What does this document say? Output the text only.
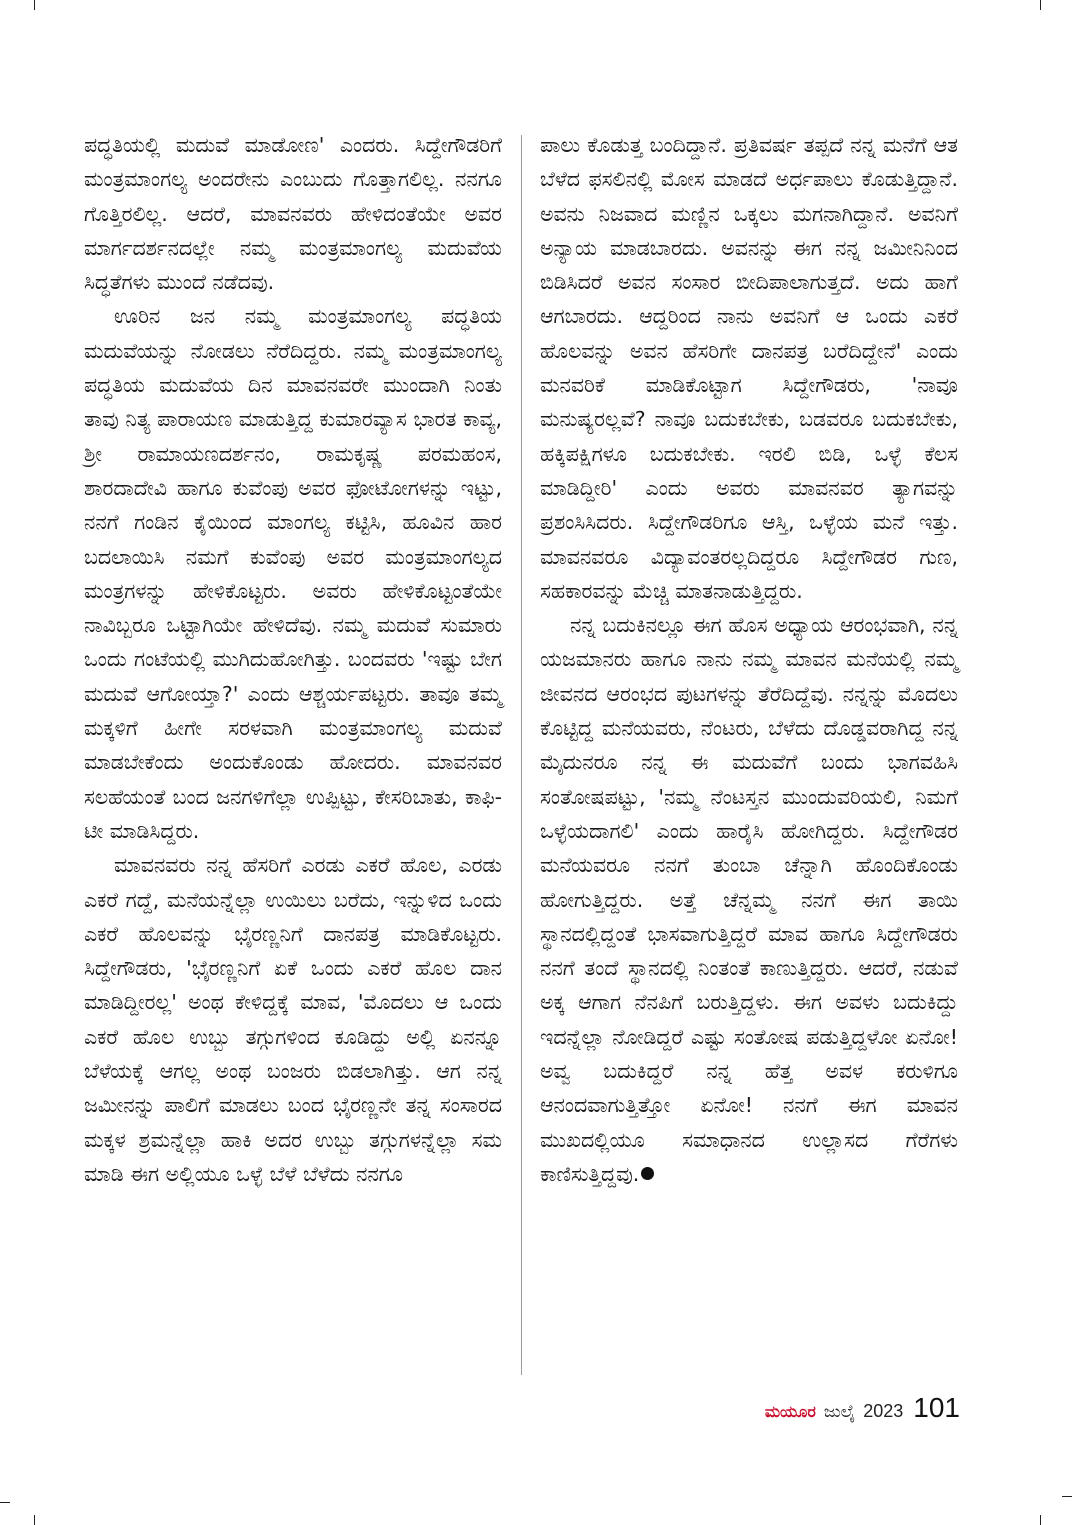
ಪದ್ಧತಿಯಲ್ಲಿ ಮದುವೆ ಮಾಡೋಣ' ಎಂದರು. ಸಿದ್ದೇಗೌಡರಿಗೆ ಮಂತ್ರಮಾಂಗಲ್ಯ ಅಂದರೇನು ಎಂಬುದು ಗೊತ್ತಾಗಲಿಲ್ಲ. ನನಗೂ ಗೊತ್ತಿರಲಿಲ್ಲ. ಆದರೆ, ಮಾವನವರು ಹೇಳಿದಂತೆಯೇ ಅವರ ಮಾರ್ಗದರ್ಶನದಲ್ಲೇ ನಮ್ಮ ಮಂತ್ರಮಾಂಗಲ್ಯ ಮದುವೆಯ ಸಿದ್ಧತೆಗಳು ಮುಂದೆ ನಡೆದವು.

ಊರಿನ ಜನ ನಮ್ಮ ಮಂತ್ರಮಾಂಗಲ್ಯ ಪದ್ಧತಿಯ ಮದುವೆಯನ್ನು ನೋಡಲು ನೆರೆದಿದ್ದರು. ನಮ್ಮ ಮಂತ್ರಮಾಂಗಲ್ಯ ಪದ್ಧತಿಯ ಮದುವೆಯ ದಿನ ಮಾವನವರೇ ಮುಂದಾಗಿ ನಿಂತು ತಾವು ನಿತ್ಯ ಪಾರಾಯಣ ಮಾಡುತ್ತಿದ್ದ ಕುಮಾರವ್ಯಾಸ ಭಾರತ ಕಾವ್ಯ, ಶ್ರೀ ರಾಮಾಯಣದರ್ಶನಂ, ರಾಮಕೃಷ್ಣ ಪರಮಹಂಸ, ಶಾರದಾದೇವಿ ಹಾಗೂ ಕುವೆಂಪು ಅವರ ಫೋಟೋಗಳನ್ನು ಇಟ್ಟು, ನನಗೆ ಗಂಡಿನ ಕೈಯಿಂದ ಮಾಂಗಲ್ಯ ಕಟ್ಟಿಸಿ, ಹೂವಿನ ಹಾರ ಬದಲಾಯಿಸಿ ನಮಗೆ ಕುವೆಂಪು ಅವರ ಮಂತ್ರಮಾಂಗಲ್ಯದ ಮಂತ್ರಗಳನ್ನು ಹೇಳಿಕೊಟ್ಟರು. ಅವರು ಹೇಳಿಕೊಟ್ಟಂತೆಯೇ ನಾವಿಬ್ಬರೂ ಒಟ್ಟಾಗಿಯೇ ಹೇಳಿದೆವು. ನಮ್ಮ ಮದುವೆ ಸುಮಾರು ಒಂದು ಗಂಟೆಯಲ್ಲಿ ಮುಗಿದುಹೋಗಿತ್ತು. ಬಂದವರು 'ಇಷ್ಟು ಬೇಗ ಮದುವೆ ಆಗೋಯ್ತಾ?' ಎಂದು ಆಶ್ಚರ್ಯಪಟ್ಟರು. ತಾವೂ ತಮ್ಮ ಮಕ್ಕಳಿಗೆ ಹೀಗೇ ಸರಳವಾಗಿ ಮಂತ್ರಮಾಂಗಲ್ಯ ಮದುವೆ ಮಾಡಬೇಕೆಂದು ಅಂದುಕೊಂಡು ಹೋದರು. ಮಾವನವರ ಸಲಹೆಯಂತೆ ಬಂದ ಜನಗಳಿಗೆಲ್ಲಾ ಉಪ್ಪಿಟ್ಟು, ಕೇಸರಿಬಾತು, ಕಾಫಿ-ಟೀ ಮಾಡಿಸಿದ್ದರು.

ಮಾವನವರು ನನ್ನ ಹೆಸರಿಗೆ ಎರಡು ಎಕರೆ ಹೊಲ, ಎರಡು ಎಕರೆ ಗದ್ದೆ, ಮನೆಯನ್ನೆಲ್ಲಾ ಉಯಿಲು ಬರೆದು, ಇನ್ನುಳಿದ ಒಂದು ಎಕರೆ ಹೊಲವನ್ನು ಭೈರಣ್ಣನಿಗೆ ದಾನಪತ್ರ ಮಾಡಿಕೊಟ್ಟರು. ಸಿದ್ದೇಗೌಡರು, 'ಭೈರಣ್ಣನಿಗೆ ಏಕೆ ಒಂದು ಎಕರೆ ಹೊಲ ದಾನ ಮಾಡಿದ್ದೀರಲ್ಲ' ಅಂಥ ಕೇಳಿದ್ದಕ್ಕೆ ಮಾವ, 'ಮೊದಲು ಆ ಒಂದು ಎಕರೆ ಹೊಲ ಉಬ್ಬು ತಗ್ಗುಗಳಿಂದ ಕೂಡಿದ್ದು ಅಲ್ಲಿ ಏನನ್ನೂ ಬೆಳೆಯಕ್ಕೆ ಆಗಲ್ಲ ಅಂಥ ಬಂಜರು ಬಿಡಲಾಗಿತ್ತು. ಆಗ ನನ್ನ ಜಮೀನನ್ನು ಪಾಲಿಗೆ ಮಾಡಲು ಬಂದ ಭೈರಣ್ಣನೇ ತನ್ನ ಸಂಸಾರದ ಮಕ್ಕಳ ಶ್ರಮನ್ನೆಲ್ಲಾ ಹಾಕಿ ಅದರ ಉಬ್ಬು ತಗ್ಗುಗಳನ್ನೆಲ್ಲಾ ಸಮ ಮಾಡಿ ಈಗ ಅಲ್ಲಿಯೂ ಒಳ್ಳೆ ಬೆಳೆ ಬೆಳೆದು ನನಗೂ

ಪಾಲು ಕೊಡುತ್ತ ಬಂದಿದ್ದಾನೆ. ಪ್ರತಿವರ್ಷ ತಪ್ಪದೆ ನನ್ನ ಮನೆಗೆ ಆತ ಬೆಳೆದ ಫಸಲಿನಲ್ಲಿ ಮೋಸ ಮಾಡದೆ ಅರ್ಧಪಾಲು ಕೊಡುತ್ತಿದ್ದಾನೆ. ಅವನು ನಿಜವಾದ ಮಣ್ಣಿನ ಒಕ್ಕಲು ಮಗನಾಗಿದ್ದಾನೆ. ಅವನಿಗೆ ಅನ್ಯಾಯ ಮಾಡಬಾರದು. ಅವನನ್ನು ಈಗ ನನ್ನ ಜಮೀನಿನಿಂದ ಬಿಡಿಸಿದರೆ ಅವನ ಸಂಸಾರ ಬೀದಿಪಾಲಾಗುತ್ತದೆ. ಅದು ಹಾಗೆ ಆಗಬಾರದು. ಆದ್ದರಿಂದ ನಾನು ಅವನಿಗೆ ಆ ಒಂದು ಎಕರೆ ಹೊಲವನ್ನು ಅವನ ಹೆಸರಿಗೇ ದಾನಪತ್ರ ಬರೆದಿದ್ದೇನೆ' ಎಂದು ಮನವರಿಕೆ ಮಾಡಿಕೊಟ್ಟಾಗ ಸಿದ್ದೇಗೌಡರು, 'ನಾವೂ ಮನುಷ್ಯರಲ್ಲವೆ? ನಾವೂ ಬದುಕಬೇಕು, ಬಡವರೂ ಬದುಕಬೇಕು, ಹಕ್ಕಿಪಕ್ಷಿಗಳೂ ಬದುಕಬೇಕು. ಇರಲಿ ಬಿಡಿ, ಒಳ್ಳೆ ಕೆಲಸ ಮಾಡಿದ್ದೀರಿ' ಎಂದು ಅವರು ಮಾವನವರ ತ್ಯಾಗವನ್ನು ಪ್ರಶಂಸಿಸಿದರು. ಸಿದ್ದೇಗೌಡರಿಗೂ ಆಸ್ತಿ, ಒಳ್ಳೆಯ ಮನೆ ಇತ್ತು. ಮಾವನವರೂ ವಿದ್ಯಾವಂತರಲ್ಲದಿದ್ದರೂ ಸಿದ್ದೇಗೌಡರ ಗುಣ, ಸಹಕಾರವನ್ನು ಮೆಚ್ಚಿ ಮಾತನಾಡುತ್ತಿದ್ದರು.

ನನ್ನ ಬದುಕಿನಲ್ಲೂ ಈಗ ಹೊಸ ಅಧ್ಯಾಯ ಆರಂಭವಾಗಿ, ನನ್ನ ಯಜಮಾನರು ಹಾಗೂ ನಾನು ನಮ್ಮ ಮಾವನ ಮನೆಯಲ್ಲಿ ನಮ್ಮ ಜೀವನದ ಆರಂಭದ ಪುಟಗಳನ್ನು ತೆರೆದಿದ್ದೆವು. ನನ್ನನ್ನು ಮೊದಲು ಕೊಟ್ಟಿದ್ದ ಮನೆಯವರು, ನೆಂಟರು, ಬೆಳೆದು ದೊಡ್ಡವರಾಗಿದ್ದ ನನ್ನ ಮೈದುನರೂ ನನ್ನ ಈ ಮದುವೆಗೆ ಬಂದು ಭಾಗವಹಿಸಿ ಸಂತೋಷಪಟ್ಟು, 'ನಮ್ಮ ನೆಂಟಸ್ತನ ಮುಂದುವರಿಯಲಿ, ನಿಮಗೆ ಒಳ್ಳೆಯದಾಗಲಿ' ಎಂದು ಹಾರೈಸಿ ಹೋಗಿದ್ದರು. ಸಿದ್ದೇಗೌಡರ ಮನೆಯವರೂ ನನಗೆ ತುಂಬಾ ಚೆನ್ನಾಗಿ ಹೊಂದಿಕೊಂಡು ಹೋಗುತ್ತಿದ್ದರು. ಅತ್ತೆ ಚೆನ್ನಮ್ಮ ನನಗೆ ಈಗ ತಾಯಿ ಸ್ಥಾನದಲ್ಲಿದ್ದಂತೆ ಭಾಸವಾಗುತ್ತಿದ್ದರೆ ಮಾವ ಹಾಗೂ ಸಿದ್ದೇಗೌಡರು ನನಗೆ ತಂದೆ ಸ್ಥಾನದಲ್ಲಿ ನಿಂತಂತೆ ಕಾಣುತ್ತಿದ್ದರು. ಆದರೆ, ನಡುವೆ ಅಕ್ಕ ಆಗಾಗ ನೆನಪಿಗೆ ಬರುತ್ತಿದ್ದಳು. ಈಗ ಅವಳು ಬದುಕಿದ್ದು ಇದನ್ನೆಲ್ಲಾ ನೋಡಿದ್ದರೆ ಎಷ್ಟು ಸಂತೋಷ ಪಡುತ್ತಿದ್ದಳೋ ಏನೋ! ಅವ್ವ ಬದುಕಿದ್ದರೆ ನನ್ನ ಹೆತ್ತ ಅವಳ ಕರುಳಿಗೂ ಆನಂದವಾಗುತ್ತಿತ್ತೋ ಏನೋ! ನನಗೆ ಈಗ ಮಾವನ ಮುಖದಲ್ಲಿಯೂ ಸಮಾಧಾನದ ಉಲ್ಲಾಸದ ಗೆರೆಗಳು ಕಾಣಿಸುತ್ತಿದ್ದವು.

ಮಯೂರ ಜುಲೈ 2023 101
